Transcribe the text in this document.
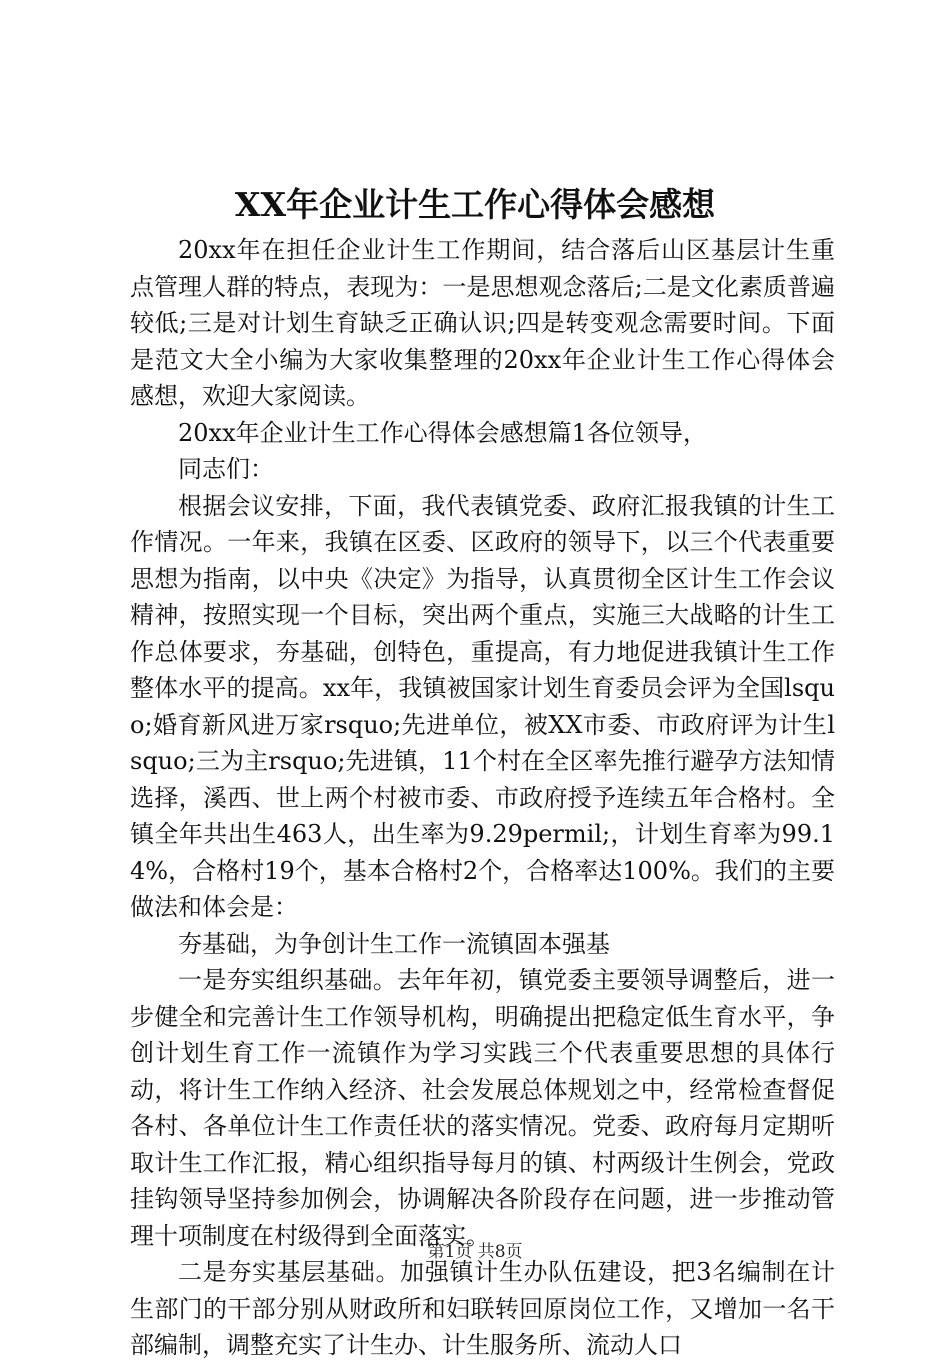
XX年企业计生工作心得体会感想

20xx年在担任企业计生工作期间，结合落后山区基层计生重点管理人群的特点，表现为：一是思想观念落后;二是文化素质普遍较低;三是对计划生育缺乏正确认识;四是转变观念需要时间。下面是范文大全小编为大家收集整理的20xx年企业计生工作心得体会感想，欢迎大家阅读。

20xx年企业计生工作心得体会感想篇1各位领导，

同志们：

根据会议安排，下面，我代表镇党委、政府汇报我镇的计生工作情况。一年来，我镇在区委、区政府的领导下，以三个代表重要思想为指南，以中央《决定》为指导，认真贯彻全区计生工作会议精神，按照实现一个目标，突出两个重点，实施三大战略的计生工作总体要求，夯基础，创特色，重提高，有力地促进我镇计生工作整体水平的提高。xx年，我镇被国家计划生育委员会评为全国lsquo;婚育新风进万家rsquo;先进单位，被XX市委、市政府评为计生lsquo;三为主rsquo;先进镇，11个村在全区率先推行避孕方法知情选择，溪西、世上两个村被市委、市政府授予连续五年合格村。全镇全年共出生463人，出生率为9.29permil;，计划生育率为99.14%，合格村19个，基本合格村2个，合格率达100%。我们的主要做法和体会是：

夯基础，为争创计生工作一流镇固本强基

一是夯实组织基础。去年年初，镇党委主要领导调整后，进一步健全和完善计生工作领导机构，明确提出把稳定低生育水平，争创计划生育工作一流镇作为学习实践三个代表重要思想的具体行动，将计生工作纳入经济、社会发展总体规划之中，经常检查督促各村、各单位计生工作责任状的落实情况。党委、政府每月定期听取计生工作汇报，精心组织指导每月的镇、村两级计生例会，党政挂钩领导坚持参加例会，协调解决各阶段存在问题，进一步推动管理十项制度在村级得到全面落实。

二是夯实基层基础。加强镇计生办队伍建设，把3名编制在计生部门的干部分别从财政所和妇联转回原岗位工作，又增加一名干部编制，调整充实了计生办、计生服务所、流动人口

第1页 共8页
